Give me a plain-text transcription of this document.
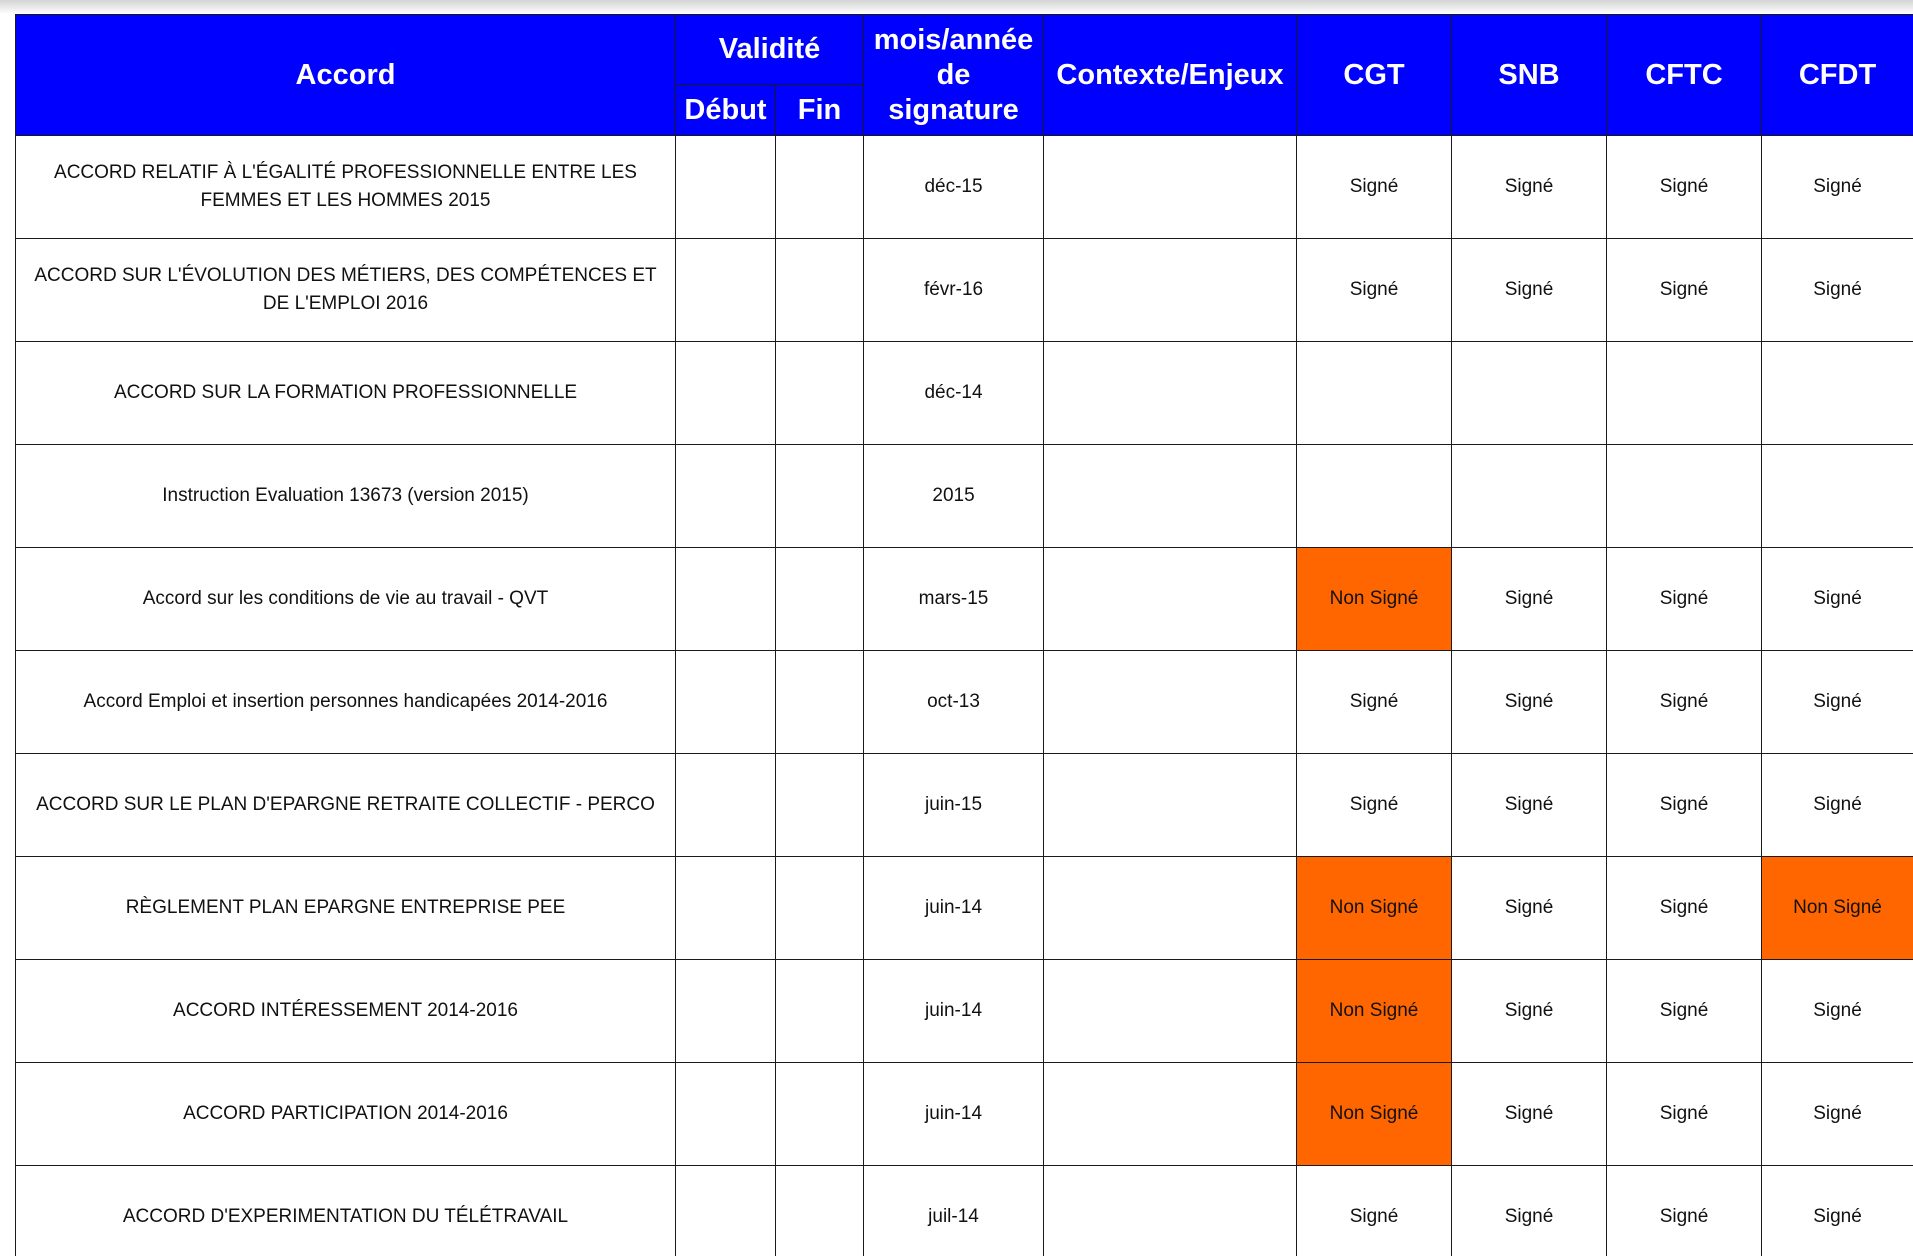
Accord	Validité		mois/année de signature	Contexte/Enjeux	CGT	SNB	CFTC	CFDT
	Début	Fin						
ACCORD RELATIF À L'ÉGALITÉ PROFESSIONNELLE ENTRE LES FEMMES ET LES HOMMES 2015			déc-15		Signé	Signé	Signé	Signé
ACCORD SUR L'ÉVOLUTION DES MÉTIERS, DES COMPÉTENCES ET DE L'EMPLOI 2016			févr-16		Signé	Signé	Signé	Signé
ACCORD SUR LA FORMATION PROFESSIONNELLE			déc-14					
Instruction Evaluation 13673 (version 2015)			2015					
Accord sur les conditions de vie au travail - QVT			mars-15		Non Signé	Signé	Signé	Signé
Accord Emploi et insertion personnes handicapées 2014-2016			oct-13		Signé	Signé	Signé	Signé
ACCORD SUR LE PLAN D'EPARGNE RETRAITE COLLECTIF - PERCO			juin-15		Signé	Signé	Signé	Signé
RÈGLEMENT PLAN EPARGNE ENTREPRISE PEE			juin-14		Non Signé	Signé	Signé	Non Signé
ACCORD INTÉRESSEMENT 2014-2016			juin-14		Non Signé	Signé	Signé	Signé
ACCORD PARTICIPATION 2014-2016			juin-14		Non Signé	Signé	Signé	Signé
ACCORD D'EXPERIMENTATION DU TÉLÉTRAVAIL			juil-14		Signé	Signé	Signé	Signé
